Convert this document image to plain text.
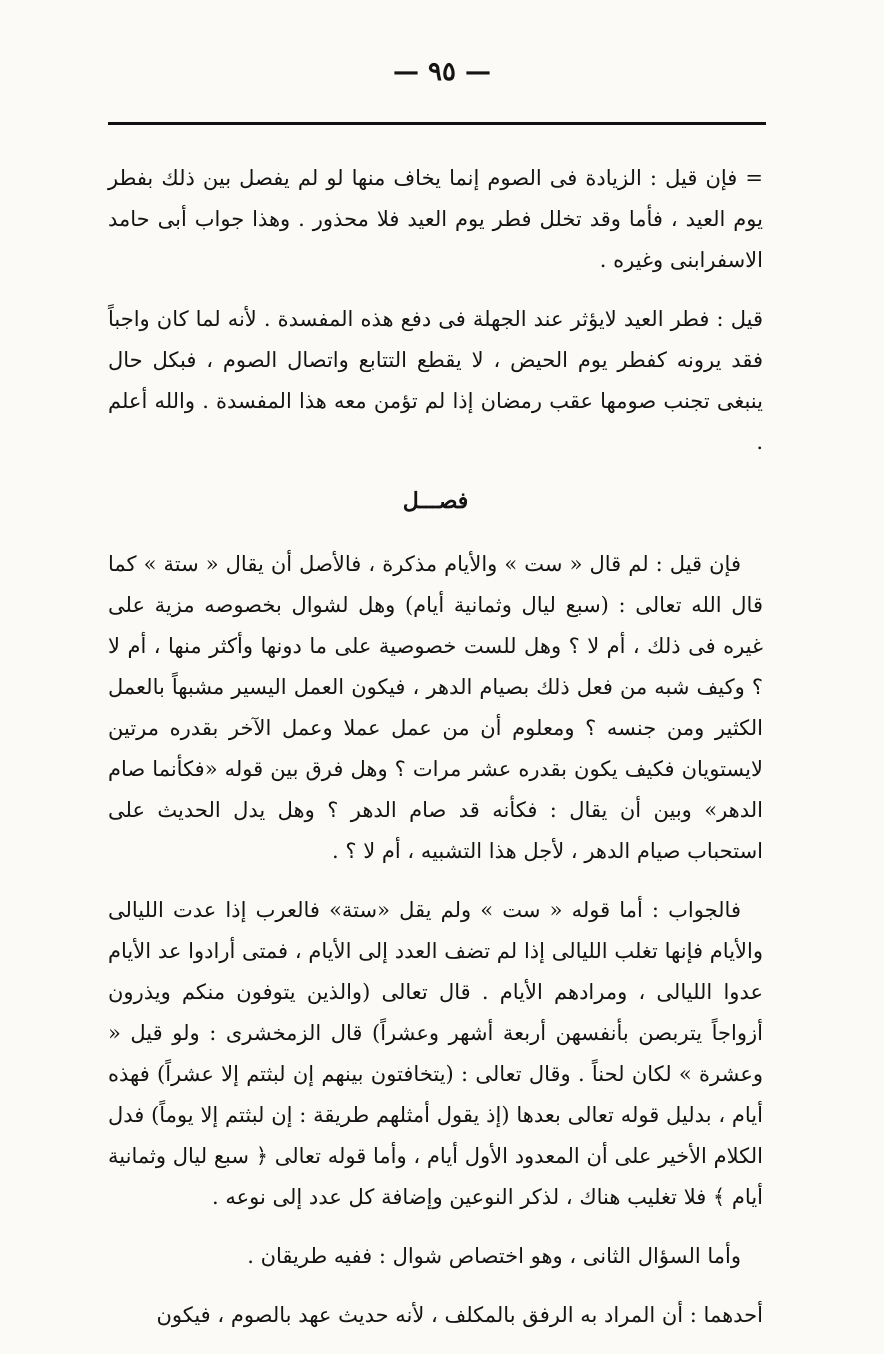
— ٩٥ —

= فإن قيل : الزيادة فى الصوم إنما يخاف منها لو لم يفصل بين ذلك بفطر يوم العيد ، فأما وقد تخلل فطر يوم العيد فلا محذور . وهذا جواب أبى حامد الاسفرابنى وغيره .

قيل : فطر العيد لايؤثر عند الجهلة فى دفع هذه المفسدة . لأنه لما كان واجباً فقد يرونه كفطر يوم الحيض ، لا يقطع التتابع واتصال الصوم ، فبكل حال ينبغى تجنب صومها عقب رمضان إذا لم تؤمن معه هذا المفسدة . والله أعلم .

فصـــل

فإن قيل : لم قال « ست » والأيام مذكرة ، فالأصل أن يقال « ستة » كما قال الله تعالى : (سبع ليال وثمانية أيام) وهل لشوال بخصوصه مزية على غيره فى ذلك ، أم لا ؟ وهل للست خصوصية على ما دونها وأكثر منها ، أم لا ؟ وكيف شبه من فعل ذلك بصيام الدهر ، فيكون العمل اليسير مشبهاً بالعمل الكثير ومن جنسه ؟ ومعلوم أن من عمل عملا وعمل الآخر بقدره مرتين لايستويان فكيف يكون بقدره عشر مرات ؟ وهل فرق بين قوله «فكأنما صام الدهر» وبين أن يقال : فكأنه قد صام الدهر ؟ وهل يدل الحديث على استحباب صيام الدهر ، لأجل هذا التشبيه ، أم لا ؟ .

فالجواب : أما قوله « ست » ولم يقل «ستة» فالعرب إذا عدت الليالى والأيام فإنها تغلب الليالى إذا لم تضف العدد إلى الأيام ، فمتى أرادوا عد الأيام عدوا الليالى ، ومرادهم الأيام . قال تعالى (والذين يتوفون منكم ويذرون أزواجاً يتربصن بأنفسهن أربعة أشهر وعشراً) قال الزمخشرى : ولو قيل « وعشرة » لكان لحناً . وقال تعالى : (يتخافتون بينهم إن لبثتم إلا عشراً) فهذه أيام ، بدليل قوله تعالى بعدها (إذ يقول أمثلهم طريقة : إن لبثتم إلا يوماً) فدل الكلام الأخير على أن المعدود الأول أيام ، وأما قوله تعالى ﴿ سبع ليال وثمانية أيام ﴾ فلا تغليب هناك ، لذكر النوعين وإضافة كل عدد إلى نوعه .

وأما السؤال الثانى ، وهو اختصاص شوال : ففيه طريقان .

أحدهما : أن المراد به الرفق بالمكلف ، لأنه حديث عهد بالصوم ، فيكون
